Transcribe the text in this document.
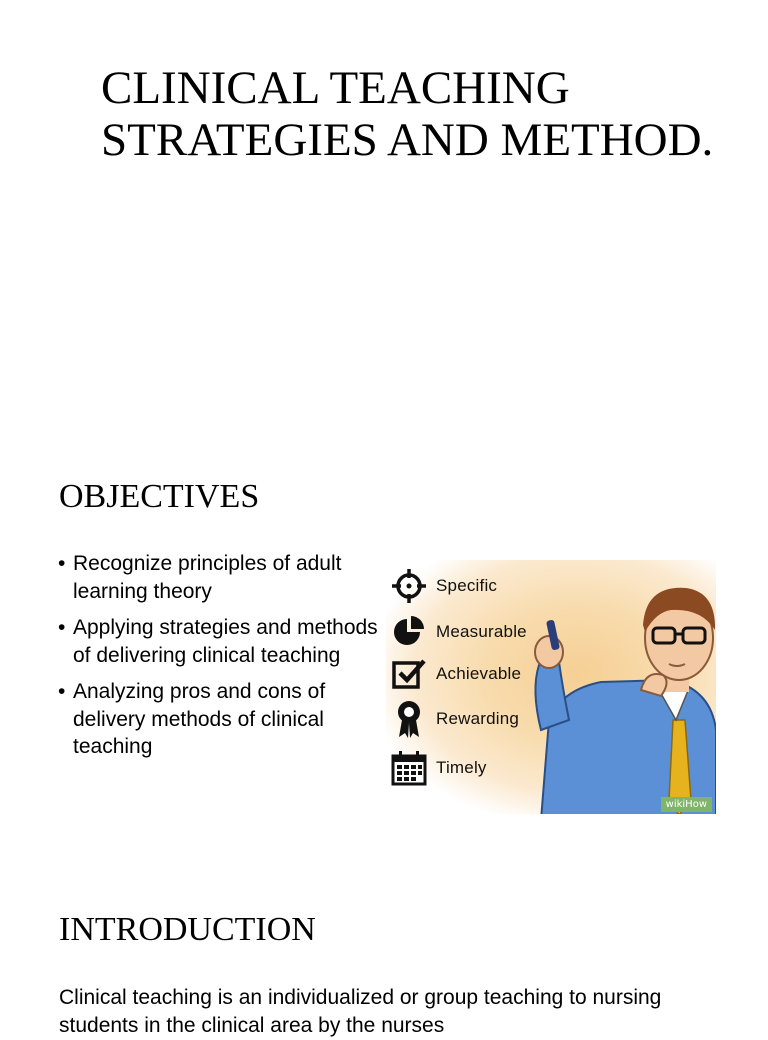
CLINICAL TEACHING STRATEGIES AND METHOD.
OBJECTIVES
• Recognize principles of adult learning theory
• Applying strategies and methods of delivering clinical teaching
• Analyzing pros and cons of delivery methods of clinical teaching
Specific
Measurable
Achievable
Rewarding
Timely
wikiHow
INTRODUCTION

Clinical teaching is an individualized or group teaching to nursing students in the clinical area by the nurses
